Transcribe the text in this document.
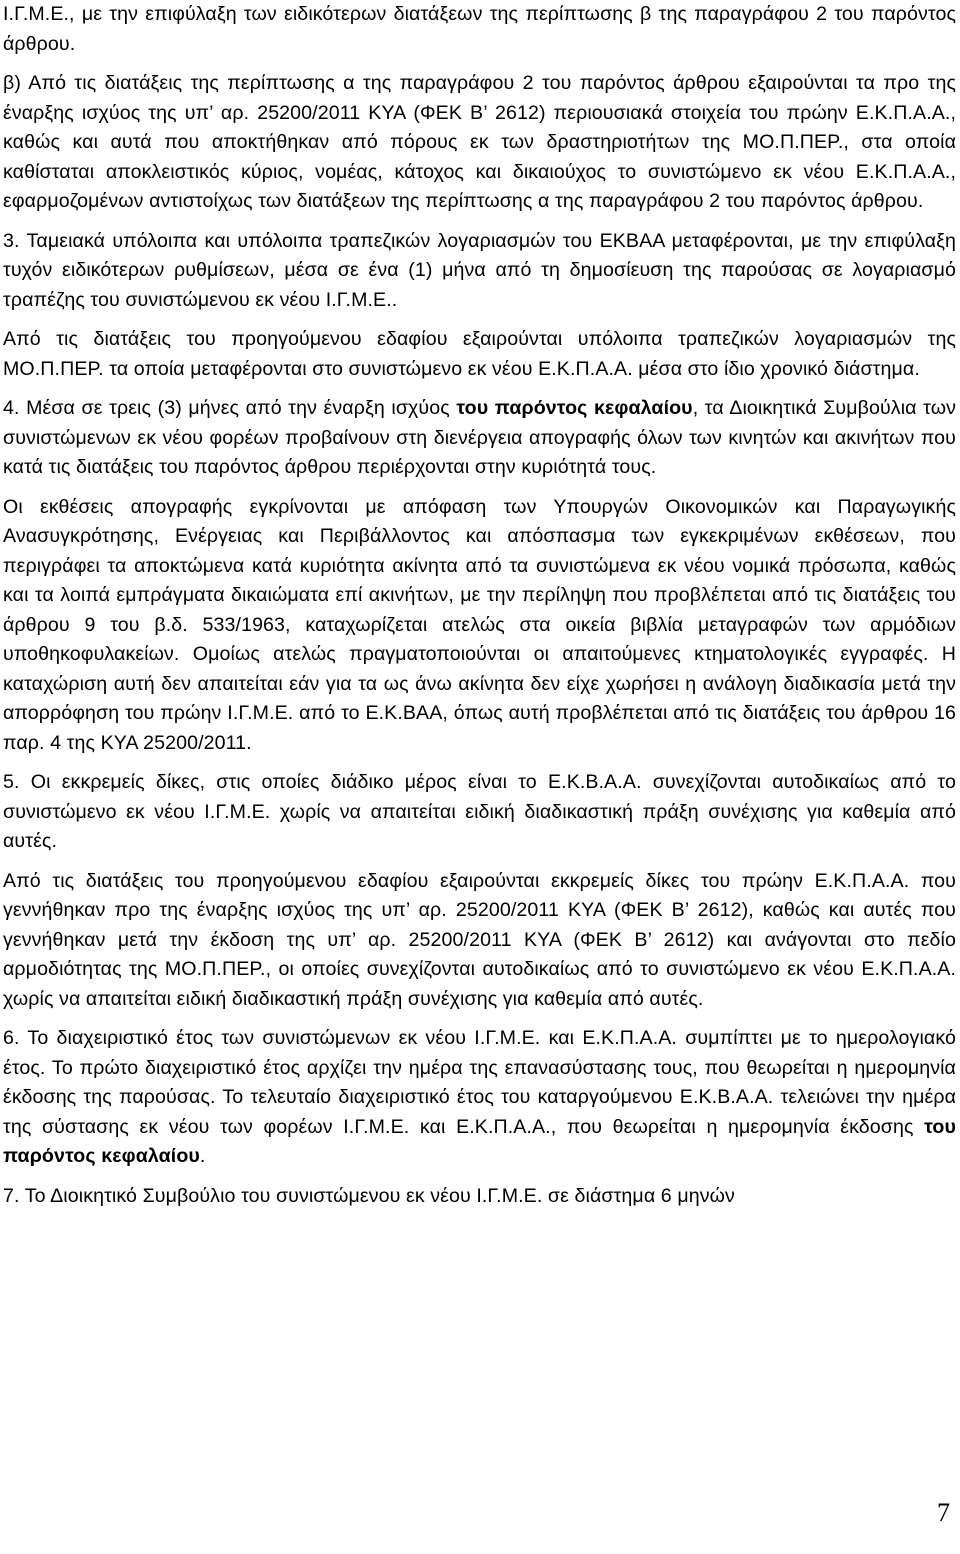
Ι.Γ.Μ.Ε., με την επιφύλαξη των ειδικότερων διατάξεων της περίπτωσης β της παραγράφου 2 του παρόντος άρθρου.

β) Από τις διατάξεις της περίπτωσης α της παραγράφου 2 του παρόντος άρθρου εξαιρούνται τα προ της έναρξης ισχύος της υπ’ αρ. 25200/2011 ΚΥΑ (ΦΕΚ Β’ 2612) περιουσιακά στοιχεία του πρώην Ε.Κ.Π.Α.Α., καθώς και αυτά που αποκτήθηκαν από πόρους εκ των δραστηριοτήτων της ΜΟ.Π.ΠΕΡ., στα οποία καθίσταται αποκλειστικός κύριος, νομέας, κάτοχος και δικαιούχος το συνιστώμενο εκ νέου Ε.Κ.Π.Α.Α., εφαρμοζομένων αντιστοίχως των διατάξεων της περίπτωσης α της παραγράφου 2 του παρόντος άρθρου.

3. Ταμειακά υπόλοιπα και υπόλοιπα τραπεζικών λογαριασμών του ΕΚΒΑΑ μεταφέρονται, με την επιφύλαξη τυχόν ειδικότερων ρυθμίσεων, μέσα σε ένα (1) μήνα από τη δημοσίευση της παρούσας σε λογαριασμό τραπέζης του συνιστώμενου εκ νέου Ι.Γ.Μ.Ε..

Από τις διατάξεις του προηγούμενου εδαφίου εξαιρούνται υπόλοιπα τραπεζικών λογαριασμών της ΜΟ.Π.ΠΕΡ. τα οποία μεταφέρονται στο συνιστώμενο εκ νέου Ε.Κ.Π.Α.Α. μέσα στο ίδιο χρονικό διάστημα.

4. Μέσα σε τρεις (3) μήνες από την έναρξη ισχύος του παρόντος κεφαλαίου, τα Διοικητικά Συμβούλια των συνιστώμενων εκ νέου φορέων προβαίνουν στη διενέργεια απογραφής όλων των κινητών και ακινήτων που κατά τις διατάξεις του παρόντος άρθρου περιέρχονται στην κυριότητά τους.

Οι εκθέσεις απογραφής εγκρίνονται με απόφαση των Υπουργών Οικονομικών και Παραγωγικής Ανασυγκρότησης, Ενέργειας και Περιβάλλοντος και απόσπασμα των εγκεκριμένων εκθέσεων, που περιγράφει τα αποκτώμενα κατά κυριότητα ακίνητα από τα συνιστώμενα εκ νέου νομικά πρόσωπα, καθώς και τα λοιπά εμπράγματα δικαιώματα επί ακινήτων, με την περίληψη που προβλέπεται από τις διατάξεις του άρθρου 9 του β.δ. 533/1963, καταχωρίζεται ατελώς στα οικεία βιβλία μεταγραφών των αρμόδιων υποθηκοφυλακείων. Ομοίως ατελώς πραγματοποιούνται οι απαιτούμενες κτηματολογικές εγγραφές. Η καταχώριση αυτή δεν απαιτείται εάν για τα ως άνω ακίνητα δεν είχε χωρήσει η ανάλογη διαδικασία μετά την απορρόφηση του πρώην Ι.Γ.Μ.Ε. από το Ε.Κ.ΒΑΑ, όπως αυτή προβλέπεται από τις διατάξεις του άρθρου 16 παρ. 4 της ΚΥΑ 25200/2011.

5. Οι εκκρεμείς δίκες, στις οποίες διάδικο μέρος είναι το Ε.Κ.Β.Α.Α. συνεχίζονται αυτοδικαίως από το συνιστώμενο εκ νέου Ι.Γ.Μ.Ε. χωρίς να απαιτείται ειδική διαδικαστική πράξη συνέχισης για καθεμία από αυτές.

Από τις διατάξεις του προηγούμενου εδαφίου εξαιρούνται εκκρεμείς δίκες του πρώην Ε.Κ.Π.Α.Α. που γεννήθηκαν προ της έναρξης ισχύος της υπ’ αρ. 25200/2011 ΚΥΑ (ΦΕΚ Β’ 2612), καθώς και αυτές που γεννήθηκαν μετά την έκδοση της υπ’ αρ. 25200/2011 ΚΥΑ (ΦΕΚ Β’ 2612) και ανάγονται στο πεδίο αρμοδιότητας της ΜΟ.Π.ΠΕΡ., οι οποίες συνεχίζονται αυτοδικαίως από το συνιστώμενο εκ νέου Ε.Κ.Π.Α.Α. χωρίς να απαιτείται ειδική διαδικαστική πράξη συνέχισης για καθεμία από αυτές.

6. Το διαχειριστικό έτος των συνιστώμενων εκ νέου Ι.Γ.Μ.Ε. και Ε.Κ.Π.Α.Α. συμπίπτει με το ημερολογιακό έτος. Το πρώτο διαχειριστικό έτος αρχίζει την ημέρα της επανασύστασης τους, που θεωρείται η ημερομηνία έκδοσης της παρούσας. Το τελευταίο διαχειριστικό έτος του καταργούμενου Ε.Κ.Β.Α.Α. τελειώνει την ημέρα της σύστασης εκ νέου των φορέων Ι.Γ.Μ.Ε. και Ε.Κ.Π.Α.Α., που θεωρείται η ημερομηνία έκδοσης του παρόντος κεφαλαίου.

7. Το Διοικητικό Συμβούλιο του συνιστώμενου εκ νέου Ι.Γ.Μ.Ε. σε διάστημα 6 μηνών

7
